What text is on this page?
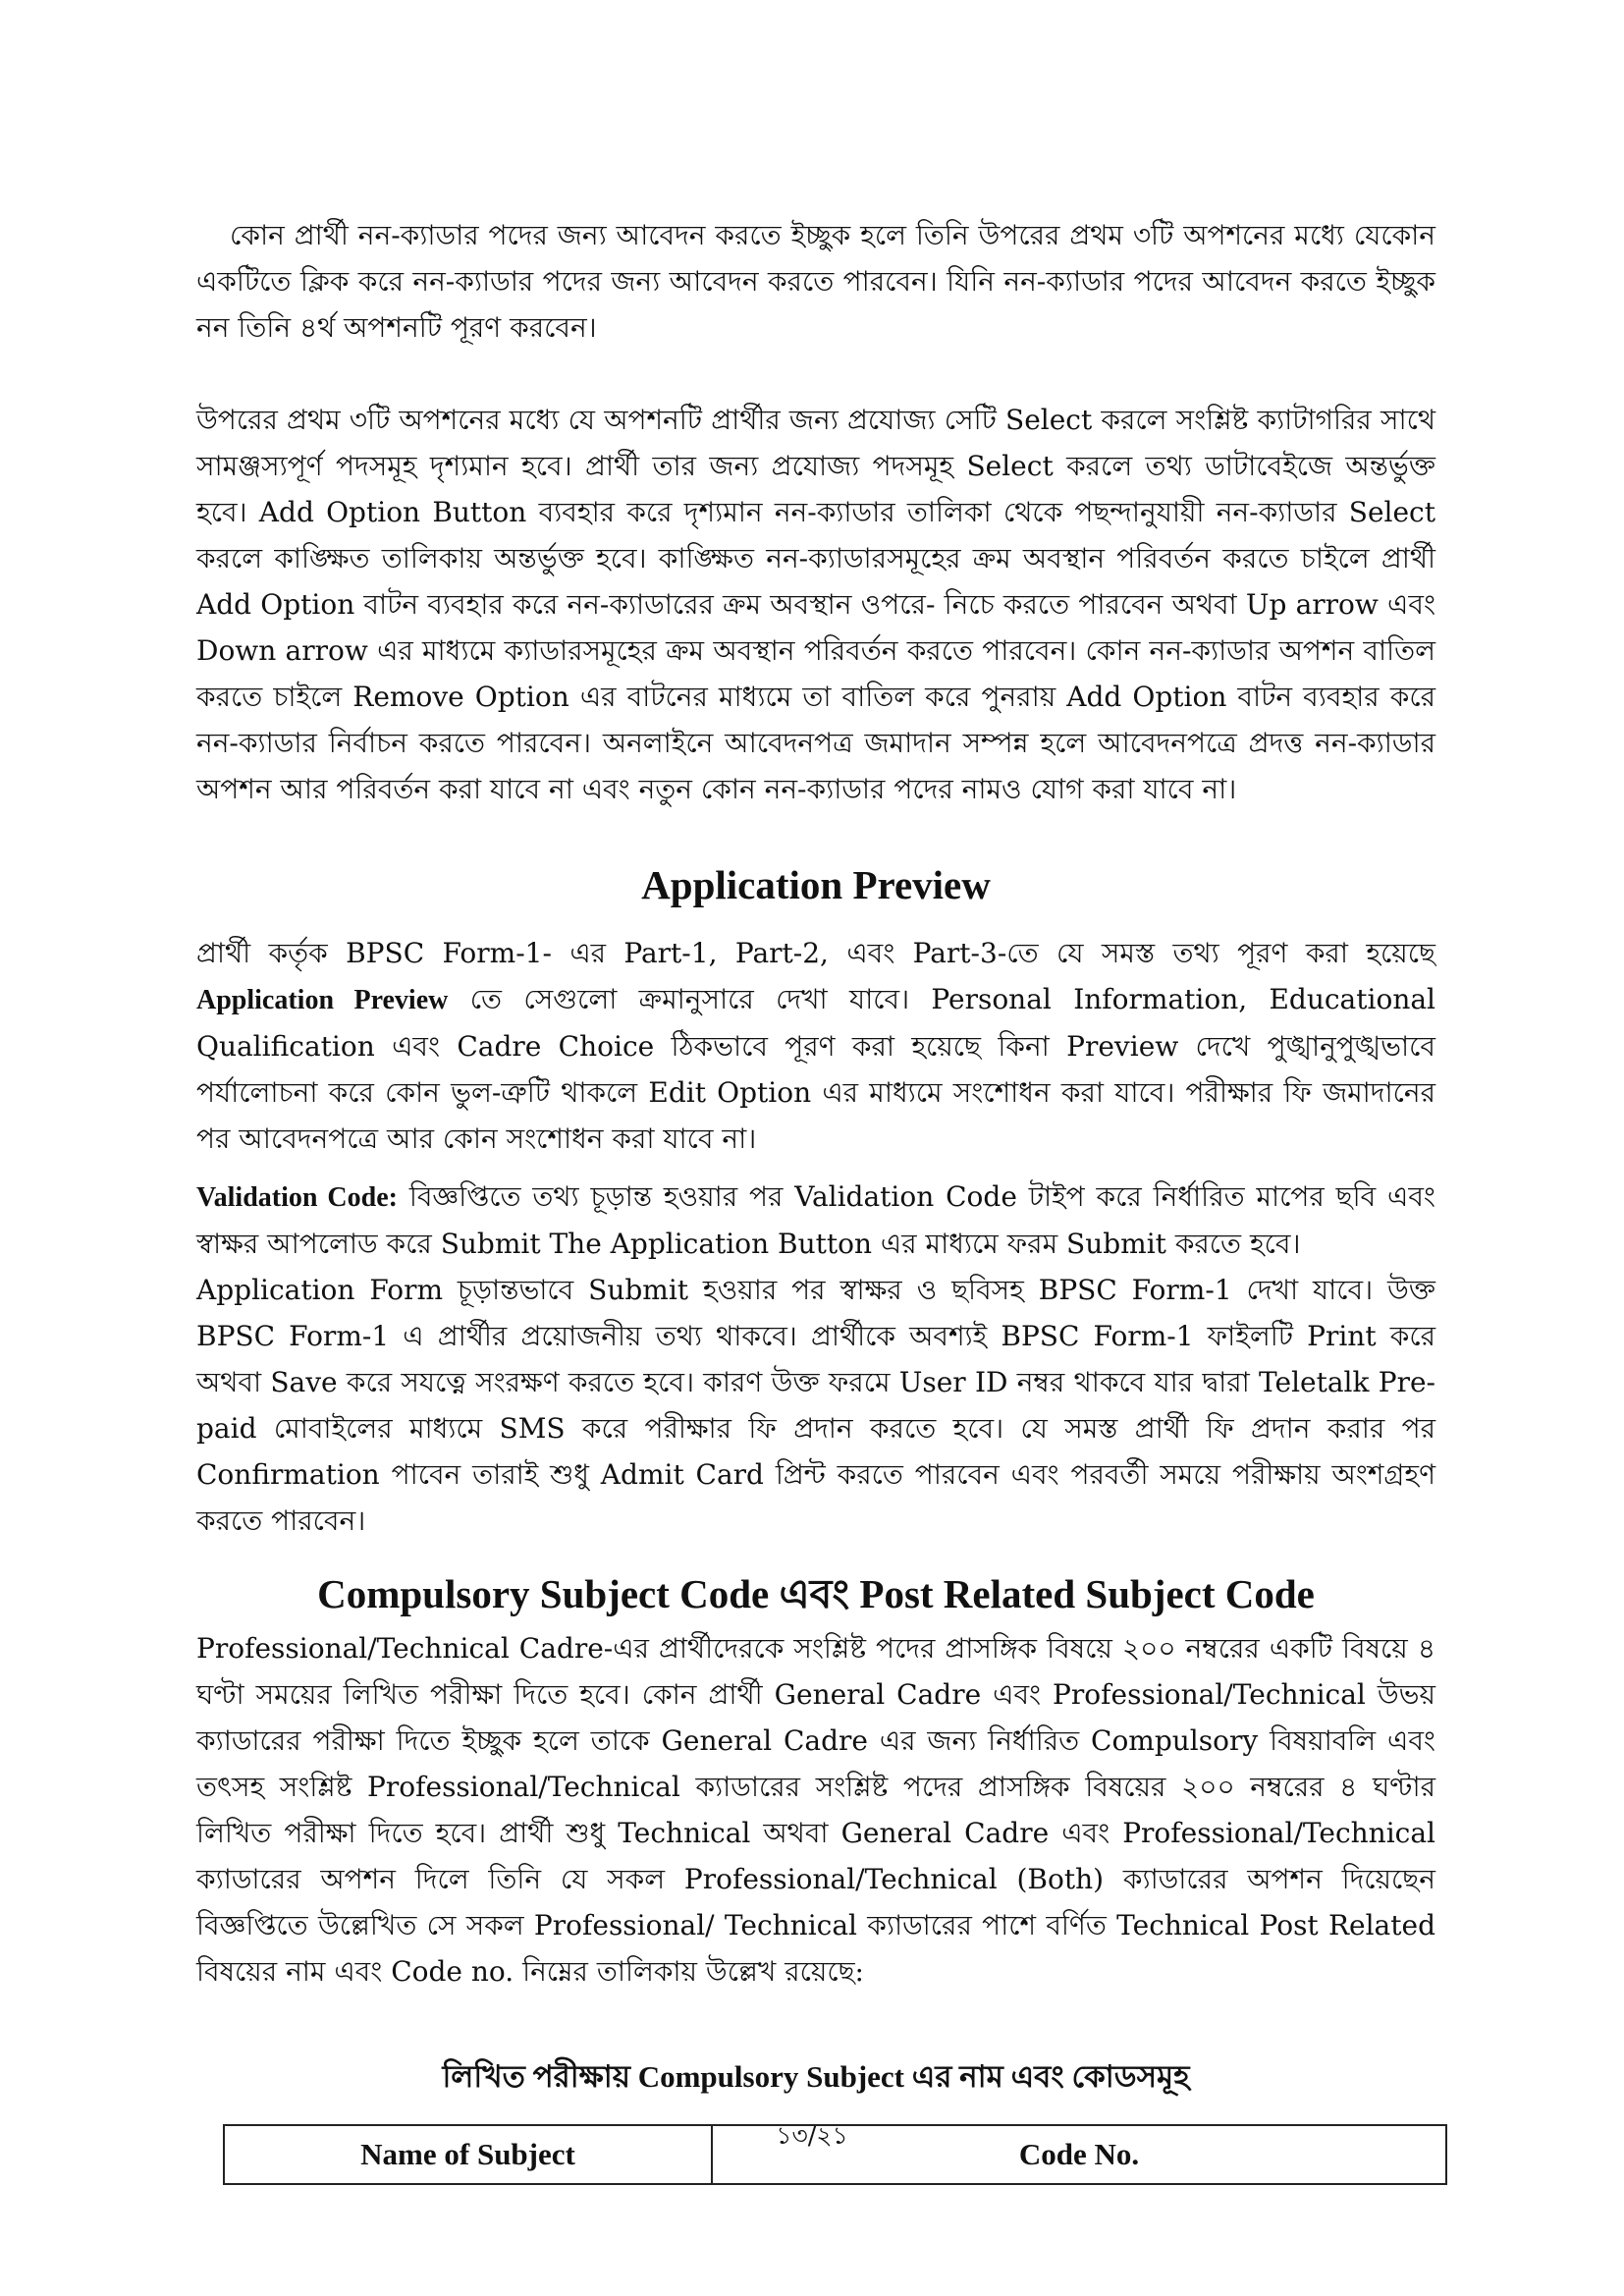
কোন প্রার্থী নন-ক্যাডার পদের জন্য আবেদন করতে ইচ্ছুক হলে তিনি উপরের প্রথম ৩টি অপশনের মধ্যে যেকোন একটিতে ক্লিক করে নন-ক্যাডার পদের জন্য আবেদন করতে পারবেন। যিনি নন-ক্যাডার পদের আবেদন করতে ইচ্ছুক নন তিনি ৪র্থ অপশনটি পূরণ করবেন।

উপরের প্রথম ৩টি অপশনের মধ্যে যে অপশনটি প্রার্থীর জন্য প্রযোজ্য সেটি Select করলে সংশ্লিষ্ট ক্যাটাগরির সাথে সামঞ্জস্যপূর্ণ পদসমূহ দৃশ্যমান হবে। প্রার্থী তার জন্য প্রযোজ্য পদসমূহ Select করলে তথ্য ডাটাবেইজে অন্তর্ভুক্ত হবে। Add Option Button ব্যবহার করে দৃশ্যমান নন-ক্যাডার তালিকা থেকে পছন্দানুযায়ী নন-ক্যাডার Select করলে কাঙ্ক্ষিত তালিকায় অন্তর্ভুক্ত হবে। কাঙ্ক্ষিত নন-ক্যাডারসমূহের ক্রম অবস্থান পরিবর্তন করতে চাইলে প্রার্থী Add Option বাটন ব্যবহার করে নন-ক্যাডারের ক্রম অবস্থান ওপরে- নিচে করতে পারবেন অথবা Up arrow এবং Down arrow এর মাধ্যমে ক্যাডারসমূহের ক্রম অবস্থান পরিবর্তন করতে পারবেন। কোন নন-ক্যাডার অপশন বাতিল করতে চাইলে Remove Option এর বাটনের মাধ্যমে তা বাতিল করে পুনরায় Add Option বাটন ব্যবহার করে নন-ক্যাডার নির্বাচন করতে পারবেন। অনলাইনে আবেদনপত্র জমাদান সম্পন্ন হলে আবেদনপত্রে প্রদত্ত নন-ক্যাডার অপশন আর পরিবর্তন করা যাবে না এবং নতুন কোন নন-ক্যাডার পদের নামও যোগ করা যাবে না।

Application Preview

প্রার্থী কর্তৃক BPSC Form-1- এর Part-1, Part-2, এবং Part-3-তে যে সমস্ত তথ্য পূরণ করা হয়েছে Application Preview তে সেগুলো ক্রমানুসারে দেখা যাবে। Personal Information, Educational Qualification এবং Cadre Choice ঠিকভাবে পূরণ করা হয়েছে কিনা Preview দেখে পুঙ্খানুপুঙ্খভাবে পর্যালোচনা করে কোন ভুল-ত্রুটি থাকলে Edit Option এর মাধ্যমে সংশোধন করা যাবে। পরীক্ষার ফি জমাদানের পর আবেদনপত্রে আর কোন সংশোধন করা যাবে না।

Validation Code: বিজ্ঞপ্তিতে তথ্য চূড়ান্ত হওয়ার পর Validation Code টাইপ করে নির্ধারিত মাপের ছবি এবং স্বাক্ষর আপলোড করে Submit The Application Button এর মাধ্যমে ফরম Submit করতে হবে।

Application Form চূড়ান্তভাবে Submit হওয়ার পর স্বাক্ষর ও ছবিসহ BPSC Form-1 দেখা যাবে। উক্ত BPSC Form-1 এ প্রার্থীর প্রয়োজনীয় তথ্য থাকবে। প্রার্থীকে অবশ্যই BPSC Form-1 ফাইলটি Print করে অথবা Save করে সযত্নে সংরক্ষণ করতে হবে। কারণ উক্ত ফরমে User ID নম্বর থাকবে যার দ্বারা Teletalk Pre-paid মোবাইলের মাধ্যমে SMS করে পরীক্ষার ফি প্রদান করতে হবে। যে সমস্ত প্রার্থী ফি প্রদান করার পর Confirmation পাবেন তারাই শুধু Admit Card প্রিন্ট করতে পারবেন এবং পরবর্তী সময়ে পরীক্ষায় অংশগ্রহণ করতে পারবেন।

Compulsory Subject Code এবং Post Related Subject Code

Professional/Technical Cadre-এর প্রার্থীদেরকে সংশ্লিষ্ট পদের প্রাসঙ্গিক বিষয়ে ২০০ নম্বরের একটি বিষয়ে ৪ ঘণ্টা সময়ের লিখিত পরীক্ষা দিতে হবে। কোন প্রার্থী General Cadre এবং Professional/Technical উভয় ক্যাডারের পরীক্ষা দিতে ইচ্ছুক হলে তাকে General Cadre এর জন্য নির্ধারিত Compulsory বিষয়াবলি এবং তৎসহ সংশ্লিষ্ট Professional/Technical ক্যাডারের সংশ্লিষ্ট পদের প্রাসঙ্গিক বিষয়ের ২০০ নম্বরের ৪ ঘণ্টার লিখিত পরীক্ষা দিতে হবে। প্রার্থী শুধু Technical অথবা General Cadre এবং Professional/Technical ক্যাডারের অপশন দিলে তিনি যে সকল Professional/Technical (Both) ক্যাডারের অপশন দিয়েছেন বিজ্ঞপ্তিতে উল্লেখিত সে সকল Professional/ Technical ক্যাডারের পাশে বর্ণিত Technical Post Related বিষয়ের নাম এবং Code no. নিম্নের তালিকায় উল্লেখ রয়েছে:

লিখিত পরীক্ষায় Compulsory Subject এর নাম এবং কোডসমূহ
Name of Subject	Code No.
১৩/২১
